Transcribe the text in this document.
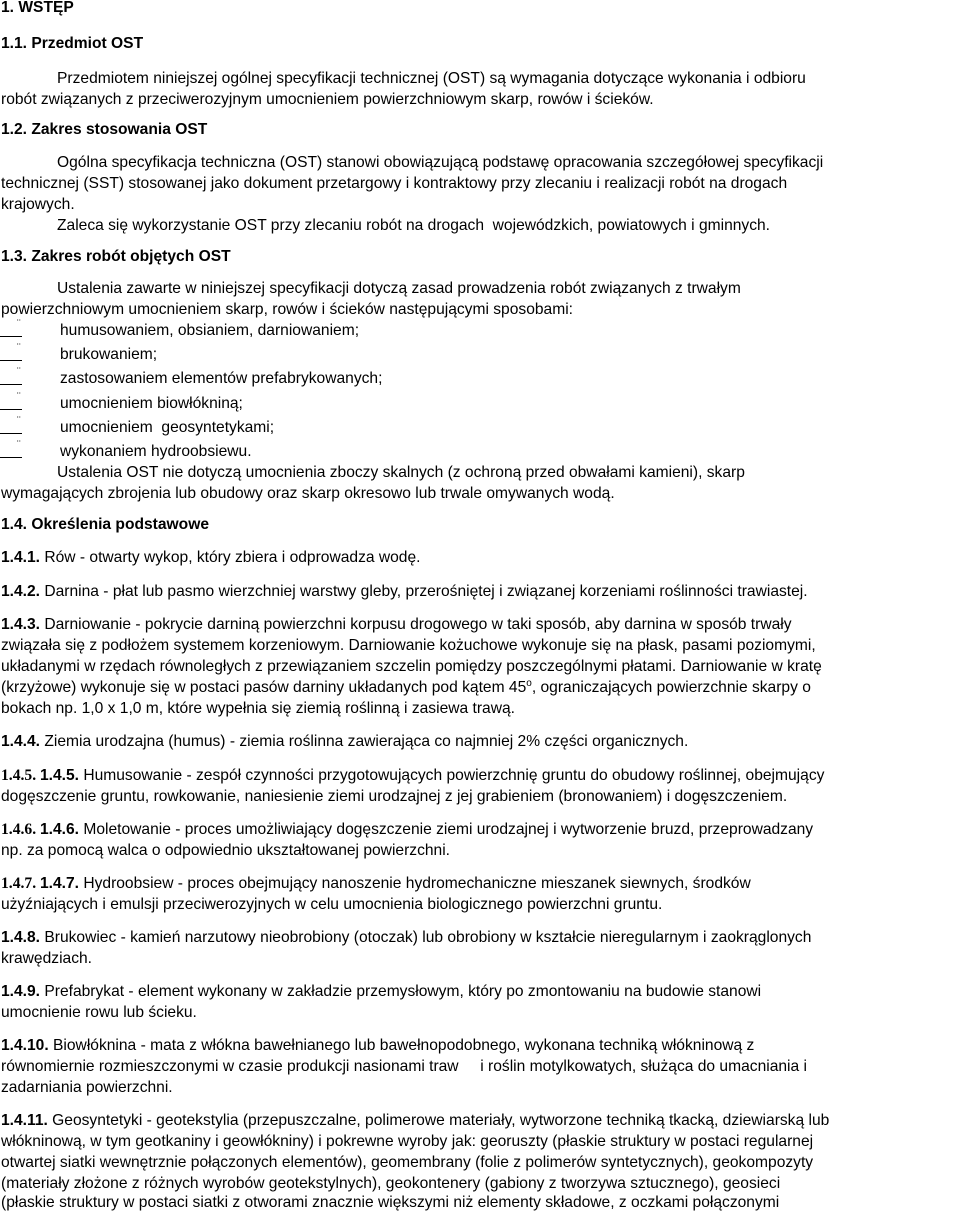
1. WSTĘP
1.1. Przedmiot OST
Przedmiotem niniejszej ogólnej specyfikacji technicznej (OST) są wymagania dotyczące wykonania i odbioru
robót związanych z przeciwerozyjnym umocnieniem powierzchniowym skarp, rowów i ścieków.
1.2. Zakres stosowania OST
Ogólna specyfikacja techniczna (OST) stanowi obowiązującą podstawę opracowania szczegółowej specyfikacji
technicznej (SST) stosowanej jako dokument przetargowy i kontraktowy przy zlecaniu i realizacji robót na drogach
krajowych.
Zaleca się wykorzystanie OST przy zlecaniu robót na drogach  wojewódzkich, powiatowych i gminnych.
1.3. Zakres robót objętych OST
Ustalenia zawarte w niniejszej specyfikacji dotyczą zasad prowadzenia robót związanych z trwałym
powierzchniowym umocnieniem skarp, rowów i ścieków następującymi sposobami:
¨
humusowaniem, obsianiem, darniowaniem;
¨
brukowaniem;
¨
zastosowaniem elementów prefabrykowanych;
¨
umocnieniem biowłókniną;
¨
umocnieniem  geosyntetykami;
¨
wykonaniem hydroobsiewu.
Ustalenia OST nie dotyczą umocnienia zboczy skalnych (z ochroną przed obwałami kamieni), skarp
wymagających zbrojenia lub obudowy oraz skarp okresowo lub trwale omywanych wodą.
1.4. Określenia podstawowe
1.4.1. Rów - otwarty wykop, który zbiera i odprowadza wodę.
1.4.2. Darnina - płat lub pasmo wierzchniej warstwy gleby, przerośniętej i związanej korzeniami roślinności trawiastej.
1.4.3. Darniowanie - pokrycie darniną powierzchni korpusu drogowego w taki sposób, aby darnina w sposób trwały
związała się z podłożem systemem korzeniowym. Darniowanie kożuchowe wykonuje się na płask, pasami poziomymi,
układanymi w rzędach równoległych z przewiązaniem szczelin pomiędzy poszczególnymi płatami. Darniowanie w kratę
(krzyżowe) wykonuje się w postaci pasów darniny układanych pod kątem 45$^o$, ograniczających powierzchnie skarpy o
bokach np. 1,0 x 1,0 m, które wypełnia się ziemią roślinną i zasiewa trawą.
1.4.4. Ziemia urodzajna (humus) - ziemia roślinna zawierająca co najmniej 2% części organicznych.
1.4.5. 1.4.5. Humusowanie - zespół czynności przygotowujących powierzchnię gruntu do obudowy roślinnej, obejmujący
dogęszczenie gruntu, rowkowanie, naniesienie ziemi urodzajnej z jej grabieniem (bronowaniem) i dogęszczeniem.
1.4.6. 1.4.6. Moletowanie - proces umożliwiający dogęszczenie ziemi urodzajnej i wytworzenie bruzd, przeprowadzany
np. za pomocą walca o odpowiednio ukształtowanej powierzchni.
1.4.7. 1.4.7. Hydroobsiew - proces obejmujący nanoszenie hydromechaniczne mieszanek siewnych, środków
użyźniających i emulsji przeciwerozyjnych w celu umocnienia biologicznego powierzchni gruntu.
1.4.8. Brukowiec - kamień narzutowy nieobrobiony (otoczak) lub obrobiony w kształcie nieregularnym i zaokrąglonych
krawędziach.
1.4.9. Prefabrykat - element wykonany w zakładzie przemysłowym, który po zmontowaniu na budowie stanowi
umocnienie rowu lub ścieku.
1.4.10. Biowłóknina - mata z włókna bawełnianego lub bawełnopodobnego, wykonana techniką włókninową z
równomiernie rozmieszczonymi w czasie produkcji nasionami traw     i roślin motylkowatych, służąca do umacniania i
zadarniania powierzchni.
1.4.11. Geosyntetyki - geotekstylia (przepuszczalne, polimerowe materiały, wytworzone techniką tkacką, dziewiarską lub
włókninową, w tym geotkaniny i geowłókniny) i pokrewne wyroby jak: georuszty (płaskie struktury w postaci regularnej
otwartej siatki wewnętrznie połączonych elementów), geomembrany (folie z polimerów syntetycznych), geokompozyty
(materiały złożone z różnych wyrobów geotekstylnych), geokontenery (gabiony z tworzywa sztucznego), geosieci
(płaskie struktury w postaci siatki z otworami znacznie większymi niż elementy składowe, z oczkami połączonymi
